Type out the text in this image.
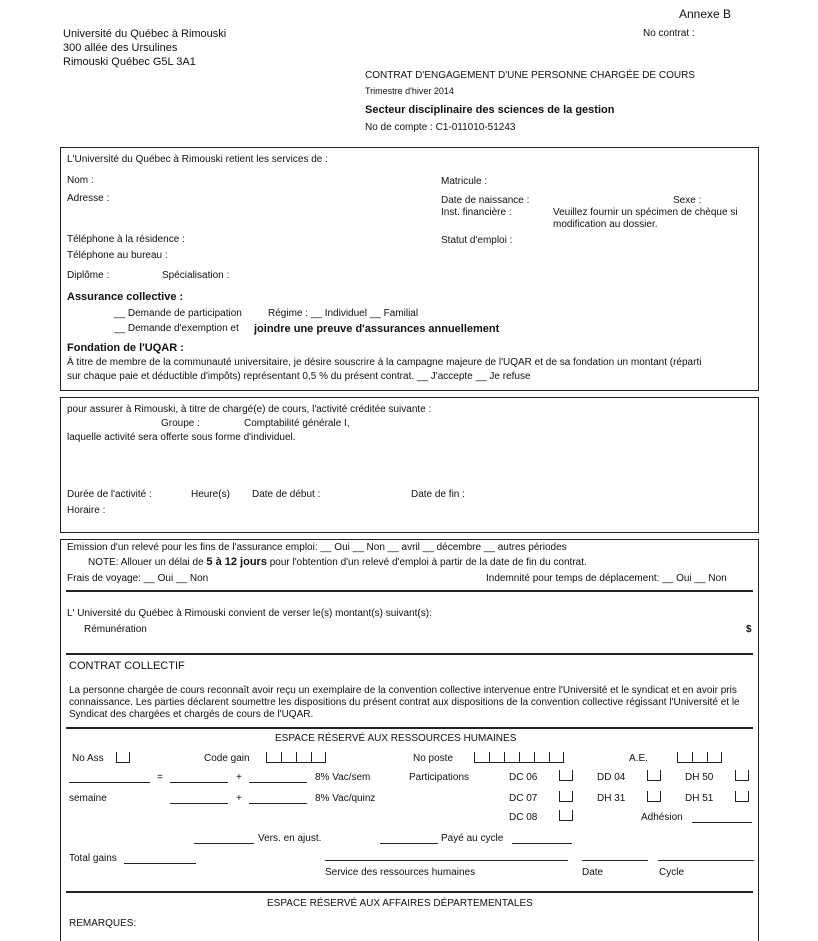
Annexe B
No contrat :
Université du Québec à Rimouski
300 allée des Ursulines
Rimouski Québec G5L 3A1
CONTRAT D'ENGAGEMENT D'UNE PERSONNE CHARGÉE DE COURS
Trimestre d'hiver 2014
Secteur disciplinaire des sciences de la gestion
No de compte : C1-011010-51243
L'Université du Québec à Rimouski retient les services de :
Nom :	Matricule :
Adresse :	Date de naissance :	Sexe :
Inst. financière :	Veuillez fournir un spécimen de chèque si
modification au dossier.
Téléphone à la résidence :	Statut d'emploi :
Téléphone au bureau :
Diplôme :	Spécialisation :
Assurance collective :
__ Demande de participation	Régime : __ Individuel __ Familial
__ Demande d'exemption et joindre une preuve d'assurances annuellement
Fondation de l'UQAR :
À titre de membre de la communauté universitaire, je désire souscrire à la campagne majeure de l'UQAR et de sa fondation un montant (réparti
sur chaque paie et déductible d'impôts) représentant 0,5 % du présent contrat. __ J'accepte __ Je refuse
pour assurer à Rimouski, à titre de chargé(e) de cours, l'activité créditée suivante :
Groupe :	Comptabilité générale I,
laquelle activité sera offerte sous forme d'individuel.
Durée de l'activité :	Heure(s) Date de début :	Date de fin :
Horaire :
Emission d'un relevé pour les fins de l'assurance emploi: __ Oui __ Non __ avril __ décembre __ autres périodes
NOTE: Allouer un délai de 5 à 12 jours pour l'obtention d'un relevé d'emploi à partir de la date de fin du contrat.
Frais de voyage: __ Oui __ Non	Indemnité pour temps de déplacement: __ Oui __ Non
L' Université du Québec à Rimouski convient de verser le(s) montant(s) suivant(s):
Rémunération	$
CONTRAT COLLECTIF
La personne chargée de cours reconnaît avoir reçu un exemplaire de la convention collective intervenue entre l'Université et le syndicat et en avoir pris connaissance. Les parties déclarent soumettre les dispositions du présent contrat aux dispositions de la convention collective régissant l'Université et le Syndicat des chargées et chargés de cours de l'UQAR.
ESPACE RÉSERVÉ AUX RESSOURCES HUMAINES
No Ass	Code gain	No poste	A.E.
=	+	8% Vac/sem	Participations	DC 06	DD 04	DH 50
semaine	+	8% Vac/quinz	DC 07	DH 31	DH 51
DC 08	Adhésion
Vers. en ajust.	Payé au cycle
Total gains
Service des ressources humaines	Date	Cycle
ESPACE RÉSERVÉ AUX AFFAIRES DÉPARTEMENTALES
REMARQUES:
